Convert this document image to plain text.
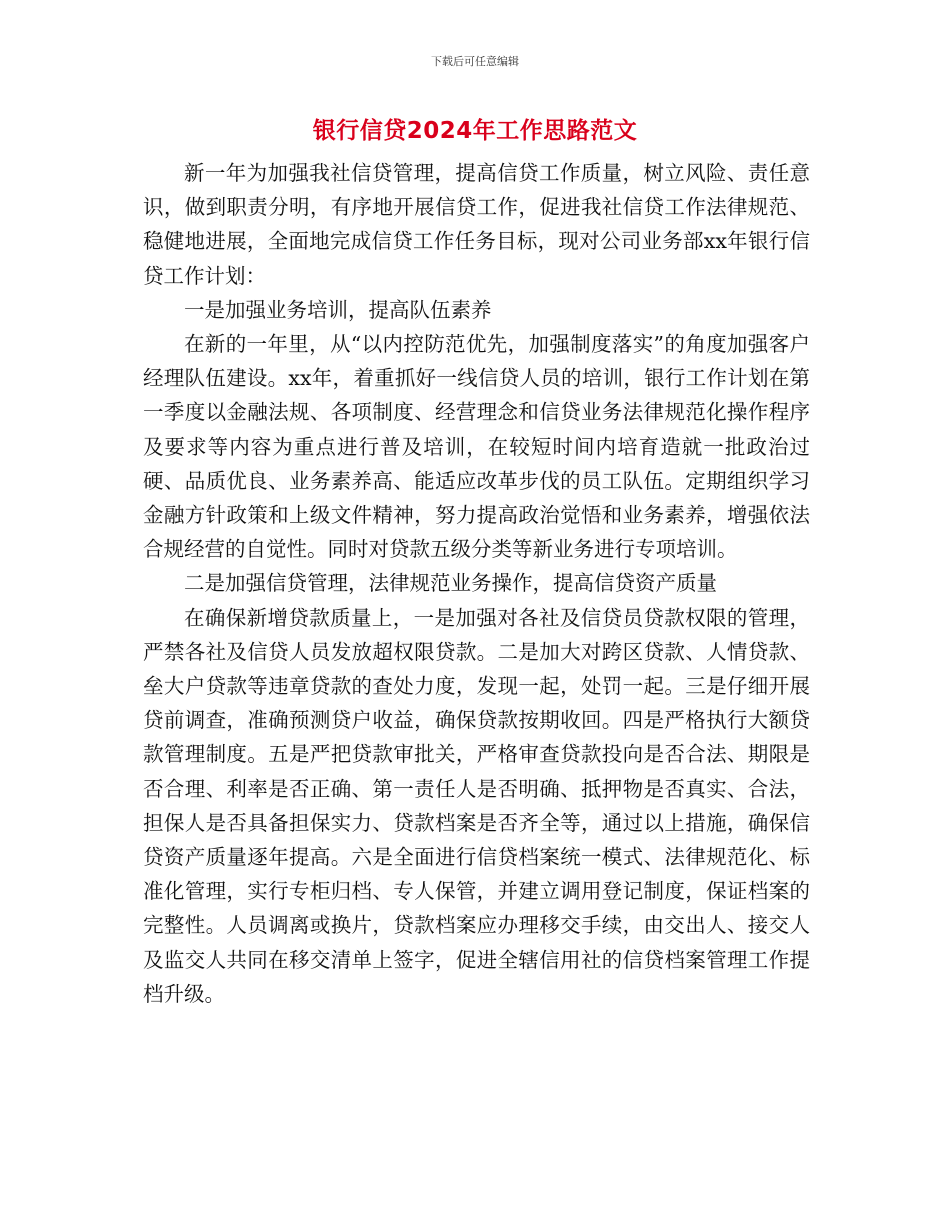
下载后可任意编辑
银行信贷2024年工作思路范文

新一年为加强我社信贷管理，提高信贷工作质量，树立风险、责任意识，做到职责分明，有序地开展信贷工作，促进我社信贷工作法律规范、稳健地进展，全面地完成信贷工作任务目标，现对公司业务部xx年银行信贷工作计划：

一是加强业务培训，提高队伍素养

在新的一年里，从“以内控防范优先，加强制度落实”的角度加强客户经理队伍建设。xx年，着重抓好一线信贷人员的培训，银行工作计划在第一季度以金融法规、各项制度、经营理念和信贷业务法律规范化操作程序及要求等内容为重点进行普及培训，在较短时间内培育造就一批政治过硬、品质优良、业务素养高、能适应改革步伐的员工队伍。定期组织学习金融方针政策和上级文件精神，努力提高政治觉悟和业务素养，增强依法合规经营的自觉性。同时对贷款五级分类等新业务进行专项培训。

二是加强信贷管理，法律规范业务操作，提高信贷资产质量

在确保新增贷款质量上，一是加强对各社及信贷员贷款权限的管理，严禁各社及信贷人员发放超权限贷款。二是加大对跨区贷款、人情贷款、垒大户贷款等违章贷款的查处力度，发现一起，处罚一起。三是仔细开展贷前调查，准确预测贷户收益，确保贷款按期收回。四是严格执行大额贷款管理制度。五是严把贷款审批关，严格审查贷款投向是否合法、期限是否合理、利率是否正确、第一责任人是否明确、抵押物是否真实、合法，担保人是否具备担保实力、贷款档案是否齐全等，通过以上措施，确保信贷资产质量逐年提高。六是全面进行信贷档案统一模式、法律规范化、标准化管理，实行专柜归档、专人保管，并建立调用登记制度，保证档案的完整性。人员调离或换片，贷款档案应办理移交手续，由交出人、接交人及监交人共同在移交清单上签字，促进全辖信用社的信贷档案管理工作提档升级。
